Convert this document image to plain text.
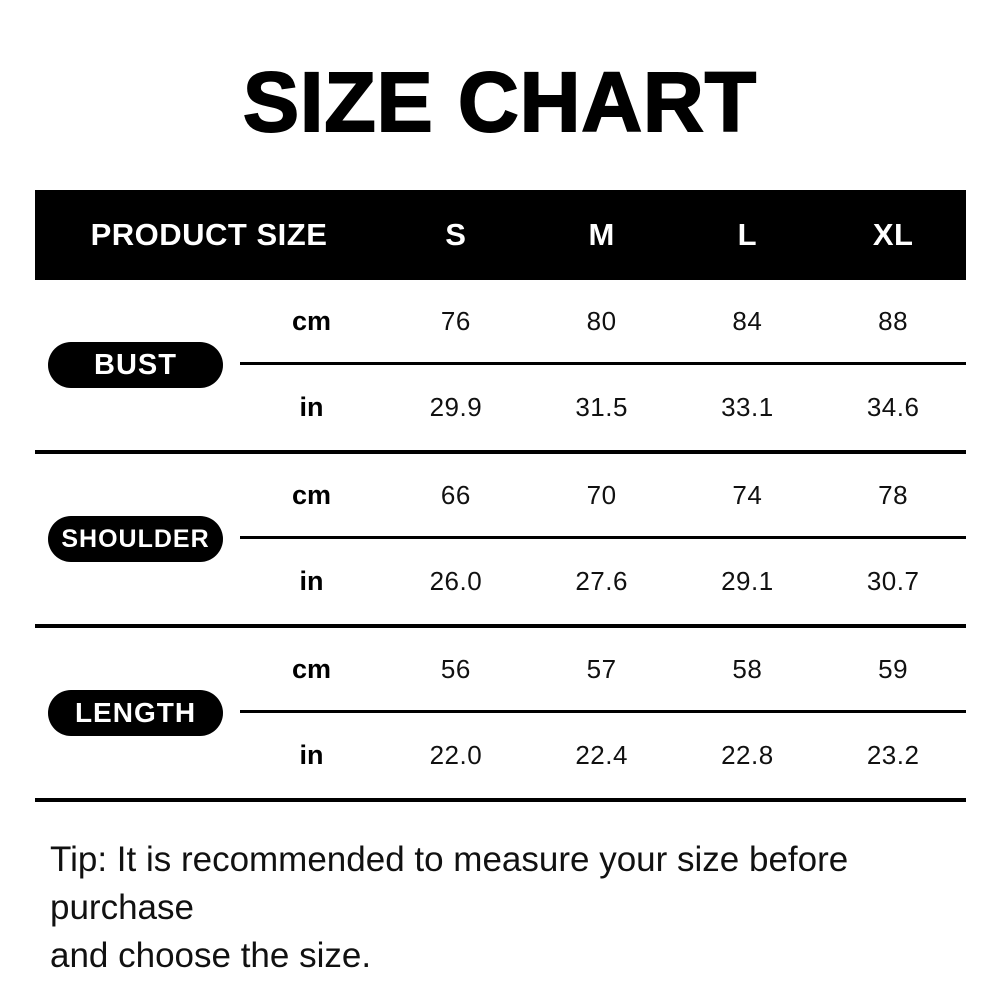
SIZE CHART
PRODUCT SIZE	S	M	L	XL
BUST
cm	76	80	84	88
in	29.9	31.5	33.1	34.6
SHOULDER
cm	66	70	74	78
in	26.0	27.6	29.1	30.7
LENGTH
cm	56	57	58	59
in	22.0	22.4	22.8	23.2
Tip: It is recommended to measure your size before purchase
and choose the size.
